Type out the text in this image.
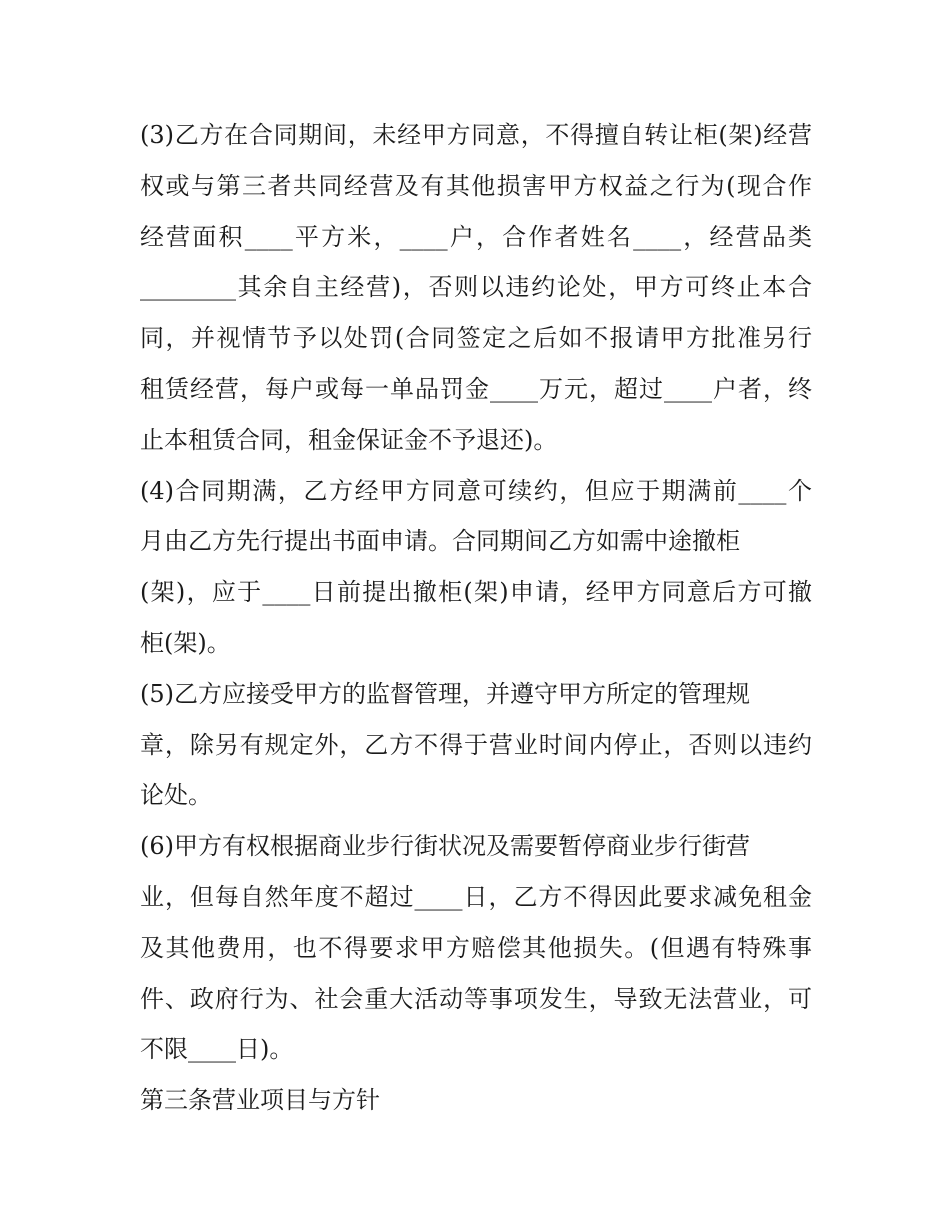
(3)乙方在合同期间，未经甲方同意，不得擅自转让柜(架)经营
权或与第三者共同经营及有其他损害甲方权益之行为(现合作
经营面积____平方米，____户，合作者姓名____，经营品类
________其余自主经营)，否则以违约论处，甲方可终止本合
同，并视情节予以处罚(合同签定之后如不报请甲方批准另行
租赁经营，每户或每一单品罚金____万元，超过____户者，终
止本租赁合同，租金保证金不予退还)。
(4)合同期满，乙方经甲方同意可续约，但应于期满前____个
月由乙方先行提出书面申请。合同期间乙方如需中途撤柜
(架)，应于____日前提出撤柜(架)申请，经甲方同意后方可撤
柜(架)。
(5)乙方应接受甲方的监督管理，并遵守甲方所定的管理规
章，除另有规定外，乙方不得于营业时间内停止，否则以违约
论处。
(6)甲方有权根据商业步行街状况及需要暂停商业步行街营
业，但每自然年度不超过____日，乙方不得因此要求减免租金
及其他费用，也不得要求甲方赔偿其他损失。(但遇有特殊事
件、政府行为、社会重大活动等事项发生，导致无法营业，可
不限____日)。
第三条营业项目与方针
